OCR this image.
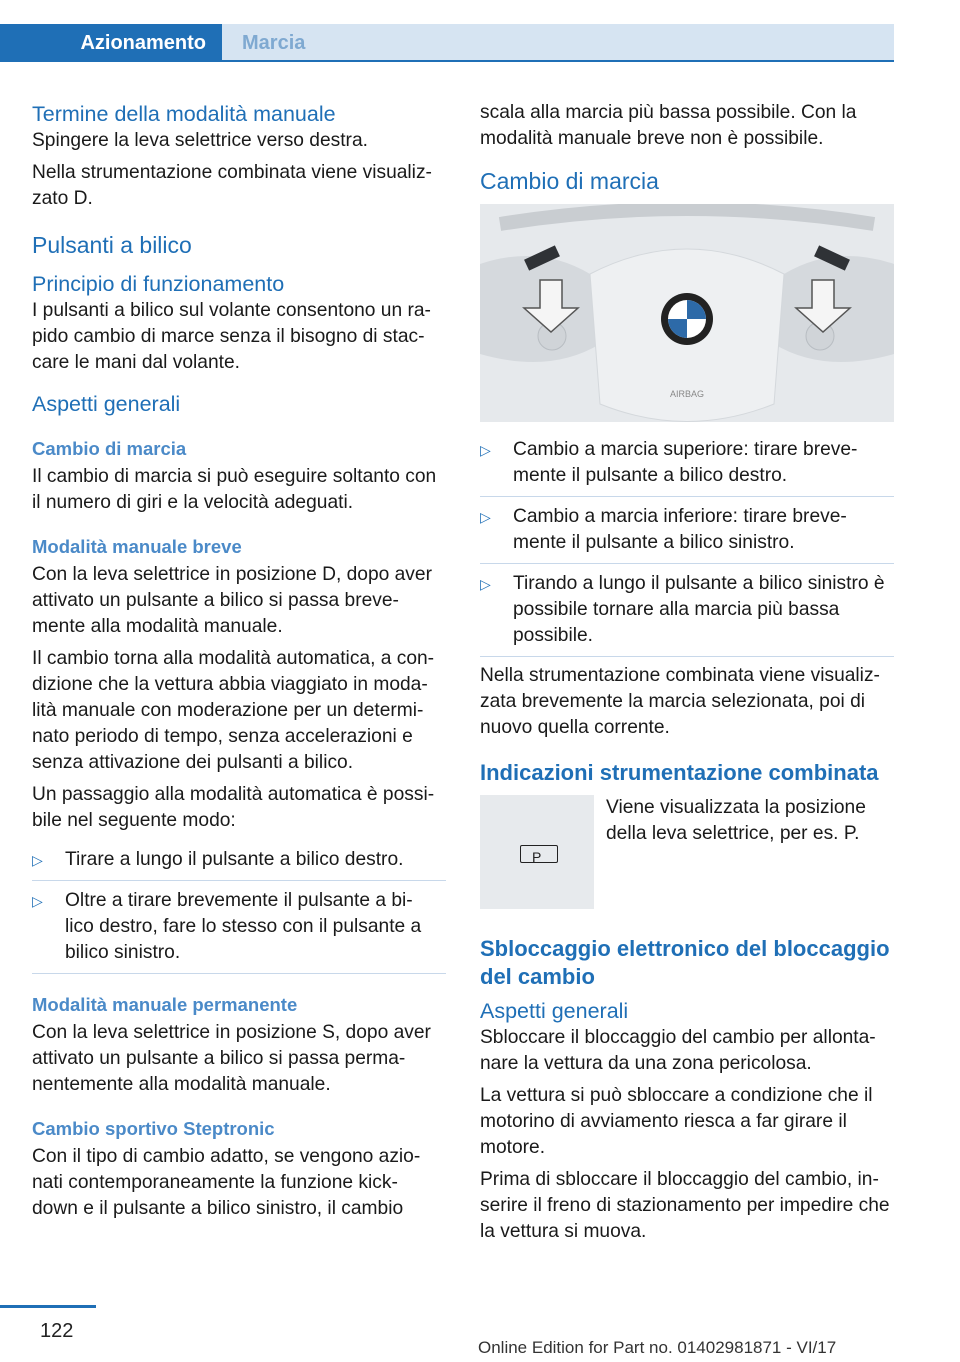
Azionamento	Marcia
Termine della modalità manuale

Spingere la leva selettrice verso destra.

Nella strumentazione combinata viene visualiz‐ zato D.

Pulsanti a bilico
Principio di funzionamento

I pulsanti a bilico sul volante consentono un ra‐ pido cambio di marce senza il bisogno di stac‐ care le mani dal volante.

Aspetti generali
Cambio di marcia

Il cambio di marcia si può eseguire soltanto con il numero di giri e la velocità adeguati.

Modalità manuale breve

Con la leva selettrice in posizione D, dopo aver attivato un pulsante a bilico si passa breve‐ mente alla modalità manuale.

Il cambio torna alla modalità automatica, a con‐ dizione che la vettura abbia viaggiato in moda‐ lità manuale con moderazione per un determi‐ nato periodo di tempo, senza accelerazioni e senza attivazione dei pulsanti a bilico.

Un passaggio alla modalità automatica è possi‐ bile nel seguente modo:

▷ Tirare a lungo il pulsante a bilico destro.
▷ Oltre a tirare brevemente il pulsante a bi‐ lico destro, fare lo stesso con il pulsante a bilico sinistro.
Modalità manuale permanente

Con la leva selettrice in posizione S, dopo aver attivato un pulsante a bilico si passa perma‐ nentemente alla modalità manuale.

Cambio sportivo Steptronic

Con il tipo di cambio adatto, se vengono azio‐ nati contemporaneamente la funzione kick‐ down e il pulsante a bilico sinistro, il cambio

scala alla marcia più bassa possibile. Con la modalità manuale breve non è possibile.

Cambio di marcia
AIRBAG
▷ Cambio a marcia superiore: tirare breve‐ mente il pulsante a bilico destro.
▷ Cambio a marcia inferiore: tirare breve‐ mente il pulsante a bilico sinistro.
▷ Tirando a lungo il pulsante a bilico sinistro è possibile tornare alla marcia più bassa possibile.

Nella strumentazione combinata viene visualiz‐ zata brevemente la marcia selezionata, poi di nuovo quella corrente.

Indicazioni strumentazione combinata
P

Viene visualizzata la posizione della leva selettrice, per es. P.

Sbloccaggio elettronico del bloccaggio del cambio
Aspetti generali

Sbloccare il bloccaggio del cambio per allonta‐ nare la vettura da una zona pericolosa.

La vettura si può sbloccare a condizione che il motorino di avviamento riesca a far girare il motore.

Prima di sbloccare il bloccaggio del cambio, in‐ serire il freno di stazionamento per impedire che la vettura si muova.

122
Online Edition for Part no. 01402981871 - VI/17
